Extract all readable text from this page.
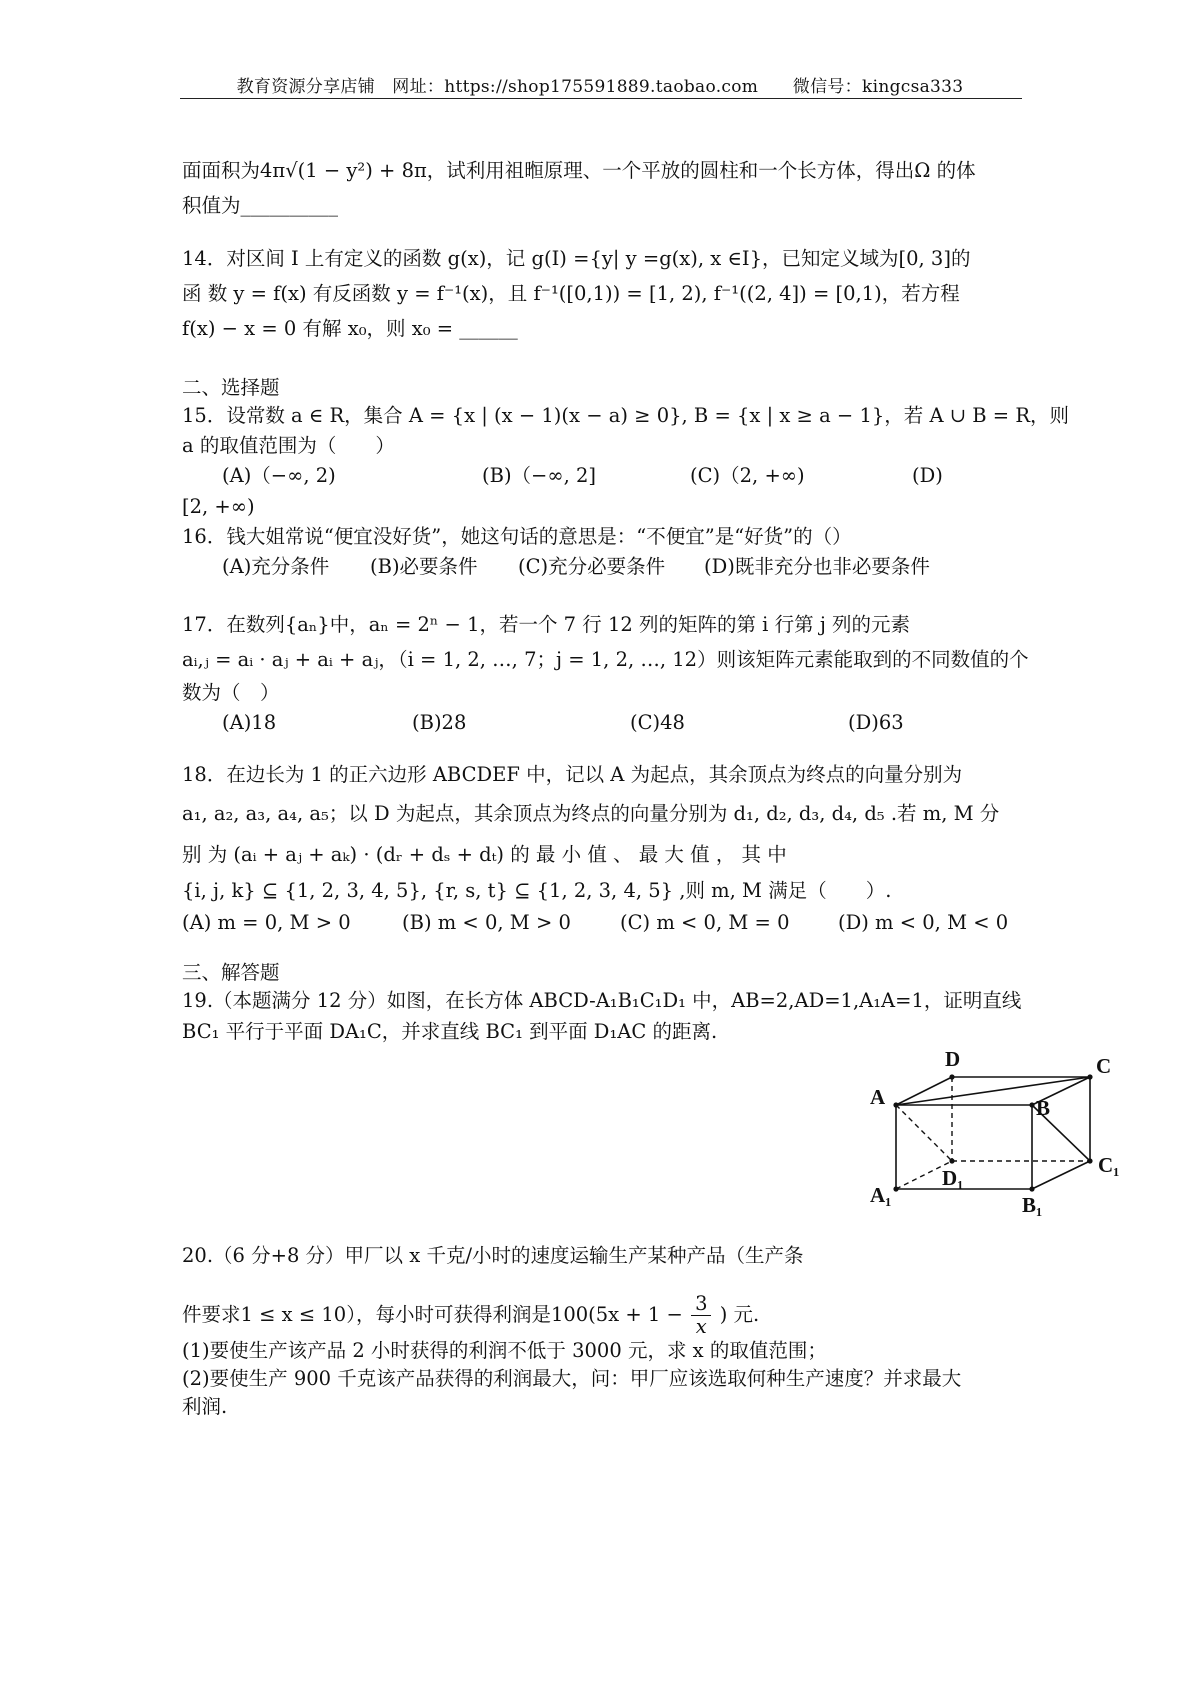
教育资源分享店铺　网址：https://shop175591889.taobao.com　　微信号：kingcsa333
面面积为4π√(1 − y²) + 8π，试利用祖暅原理、一个平放的圆柱和一个长方体，得出Ω 的体
积值为__________
14．对区间 I 上有定义的函数 g(x)，记 g(I) ={y| y =g(x), x ∈I}，已知定义域为[0, 3]的
函 数 y = f(x) 有反函数 y = f⁻¹(x)，且 f⁻¹([0,1)) = [1, 2), f⁻¹((2, 4]) = [0,1)，若方程
f(x) − x = 0 有解 x₀，则 x₀ = ______
二、选择题
15．设常数 a ∈ R，集合 A = {x | (x − 1)(x − a) ≥ 0}, B = {x | x ≥ a − 1}，若 A ∪ B = R，则
a 的取值范围为（　　）
(A)（−∞, 2)	(B)（−∞, 2]	(C)（2, +∞)	(D)
[2, +∞)
16．钱大姐常说“便宜没好货”，她这句话的意思是：“不便宜”是“好货”的（）
(A)充分条件 (B)必要条件 (C)充分必要条件 (D)既非充分也非必要条件
17．在数列{aₙ}中，aₙ = 2ⁿ − 1，若一个 7 行 12 列的矩阵的第 i 行第 j 列的元素
aᵢ,ⱼ = aᵢ · aⱼ + aᵢ + aⱼ，（i = 1, 2, …, 7；j = 1, 2, …, 12）则该矩阵元素能取到的不同数值的个
数为（　）
(A)18	(B)28	(C)48	(D)63
18．在边长为 1 的正六边形 ABCDEF 中，记以 A 为起点，其余顶点为终点的向量分别为
a₁, a₂, a₃, a₄, a₅；以 D 为起点，其余顶点为终点的向量分别为 d₁, d₂, d₃, d₄, d₅ .若 m, M 分
别 为 (aᵢ + aⱼ + aₖ) · (dᵣ + dₛ + dₜ) 的 最 小 值 、 最 大 值 ， 其 中
{i, j, k} ⊆ {1, 2, 3, 4, 5}, {r, s, t} ⊆ {1, 2, 3, 4, 5} ,则 m, M 满足（　　）.
(A) m = 0, M > 0	(B) m < 0, M > 0	(C) m < 0, M = 0 (D) m < 0, M < 0
三、解答题
19.（本题满分 12 分）如图，在长方体 ABCD-A₁B₁C₁D₁ 中，AB=2,AD=1,A₁A=1，证明直线
BC₁ 平行于平面 DA₁C，并求直线 BC₁ 到平面 D₁AC 的距离.
D	C
A	B
C₁
D₁
A₁	B₁
20.（6 分+8 分）甲厂以 x 千克/小时的速度运输生产某种产品（生产条
件要求1 ≤ x ≤ 10），每小时可获得利润是$100(5x + 1 - \frac{3}{x}$ ) 元.
(1)要使生产该产品 2 小时获得的利润不低于 3000 元，求 x 的取值范围；
(2)要使生产 900 千克该产品获得的利润最大，问：甲厂应该选取何种生产速度？并求最大
利润.
